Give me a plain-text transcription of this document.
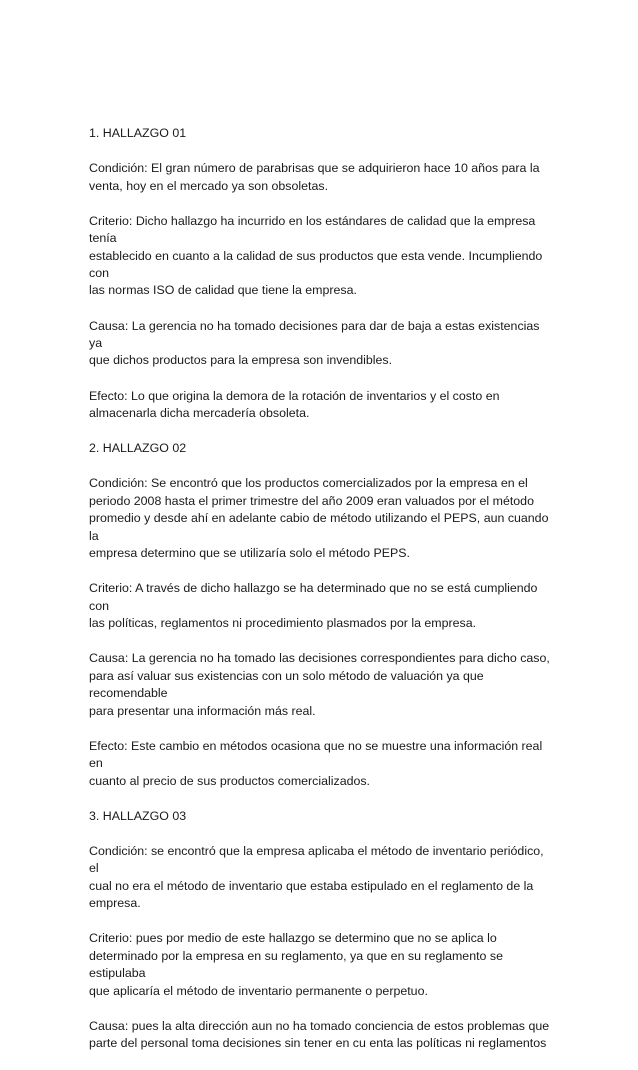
1. HALLAZGO 01

Condición: El gran número de parabrisas que se adquirieron hace 10 años para la
venta, hoy en el mercado ya son obsoletas.

Criterio: Dicho hallazgo ha incurrido en los estándares de calidad que la empresa tenía
establecido en cuanto a la calidad de sus productos que esta vende. Incumpliendo con
las normas ISO de calidad que tiene la empresa.

Causa: La gerencia no ha tomado decisiones para dar de baja a estas existencias ya
que dichos productos para la empresa son invendibles.

Efecto: Lo que origina la demora de la rotación de inventarios y el costo en
almacenarla dicha mercadería obsoleta.

2. HALLAZGO 02

Condición: Se encontró que los productos comercializados por la empresa en el
periodo 2008 hasta el primer trimestre del año 2009 eran valuados por el método
promedio y desde ahí en adelante cabio de método utilizando el PEPS, aun cuando la
empresa determino que se utilizaría solo el método PEPS.

Criterio: A través de dicho hallazgo se ha determinado que no se está cumpliendo con
las políticas, reglamentos ni procedimiento plasmados por la empresa.

Causa: La gerencia no ha tomado las decisiones correspondientes para dicho caso,
para así valuar sus existencias con un solo método de valuación ya que recomendable
para presentar una información más real.

Efecto: Este cambio en métodos ocasiona que no se muestre una información real en
cuanto al precio de sus productos comercializados.

3. HALLAZGO 03

Condición: se encontró que la empresa aplicaba el método de inventario periódico, el
cual no era el método de inventario que estaba estipulado en el reglamento de la
empresa.

Criterio: pues por medio de este hallazgo se determino que no se aplica lo
determinado por la empresa en su reglamento, ya que en su reglamento se estipulaba
que aplicaría el método de inventario permanente o perpetuo.

Causa: pues la alta dirección aun no ha tomado conciencia de estos problemas que
parte del personal toma decisiones sin tener en cu enta las políticas ni reglamentos
